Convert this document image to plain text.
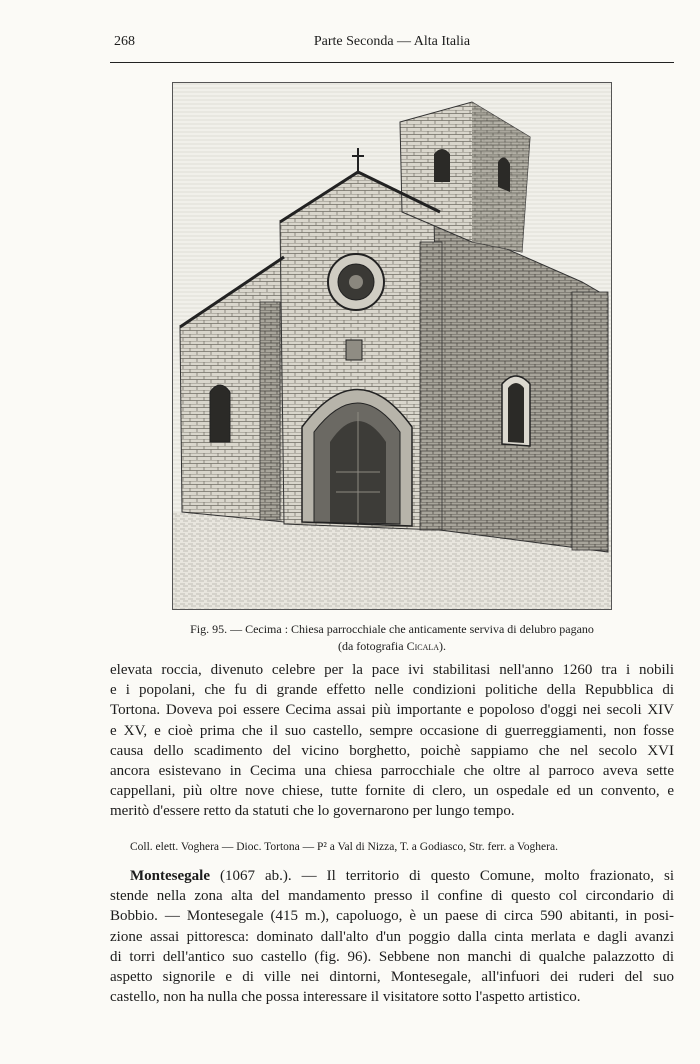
268	Parte Seconda — Alta Italia
Fig. 95. — Cecima : Chiesa parrocchiale che anticamente serviva di delubro pagano
(da fotografia Cicala).
elevata roccia, divenuto celebre per la pace ivi stabilitasi nell'anno 1260 tra i nobili
e i popolani, che fu di grande effetto nelle condizioni politiche della Repubblica di
Tortona. Doveva poi essere Cecima assai più importante e popoloso d'oggi nei secoli XIV
e XV, e cioè prima che il suo castello, sempre occasione di guerreggiamenti, non fosse
causa dello scadimento del vicino borghetto, poichè sappiamo che nel secolo XVI
ancora esistevano in Cecima una chiesa parrocchiale che oltre al parroco aveva sette
cappellani, più oltre nove chiese, tutte fornite di clero, un ospedale ed un convento, e
meritò d'essere retto da statuti che lo governarono per lungo tempo.
Coll. elett. Voghera — Dioc. Tortona — P² a Val di Nizza, T. a Godiasco, Str. ferr. a Voghera.
Montesegale (1067 ab.). — Il territorio di questo Comune, molto frazionato, si
stende nella zona alta del mandamento presso il confine di questo col circondario di
Bobbio. — Montesegale (415 m.), capoluogo, è un paese di circa 590 abitanti, in posi-
zione assai pittoresca: dominato dall'alto d'un poggio dalla cinta merlata e dagli avanzi
di torri dell'antico suo castello (fig. 96). Sebbene non manchi di qualche palazzotto di
aspetto signorile e di ville nei dintorni, Montesegale, all'infuori dei ruderi del suo
castello, non ha nulla che possa interessare il visitatore sotto l'aspetto artistico.
